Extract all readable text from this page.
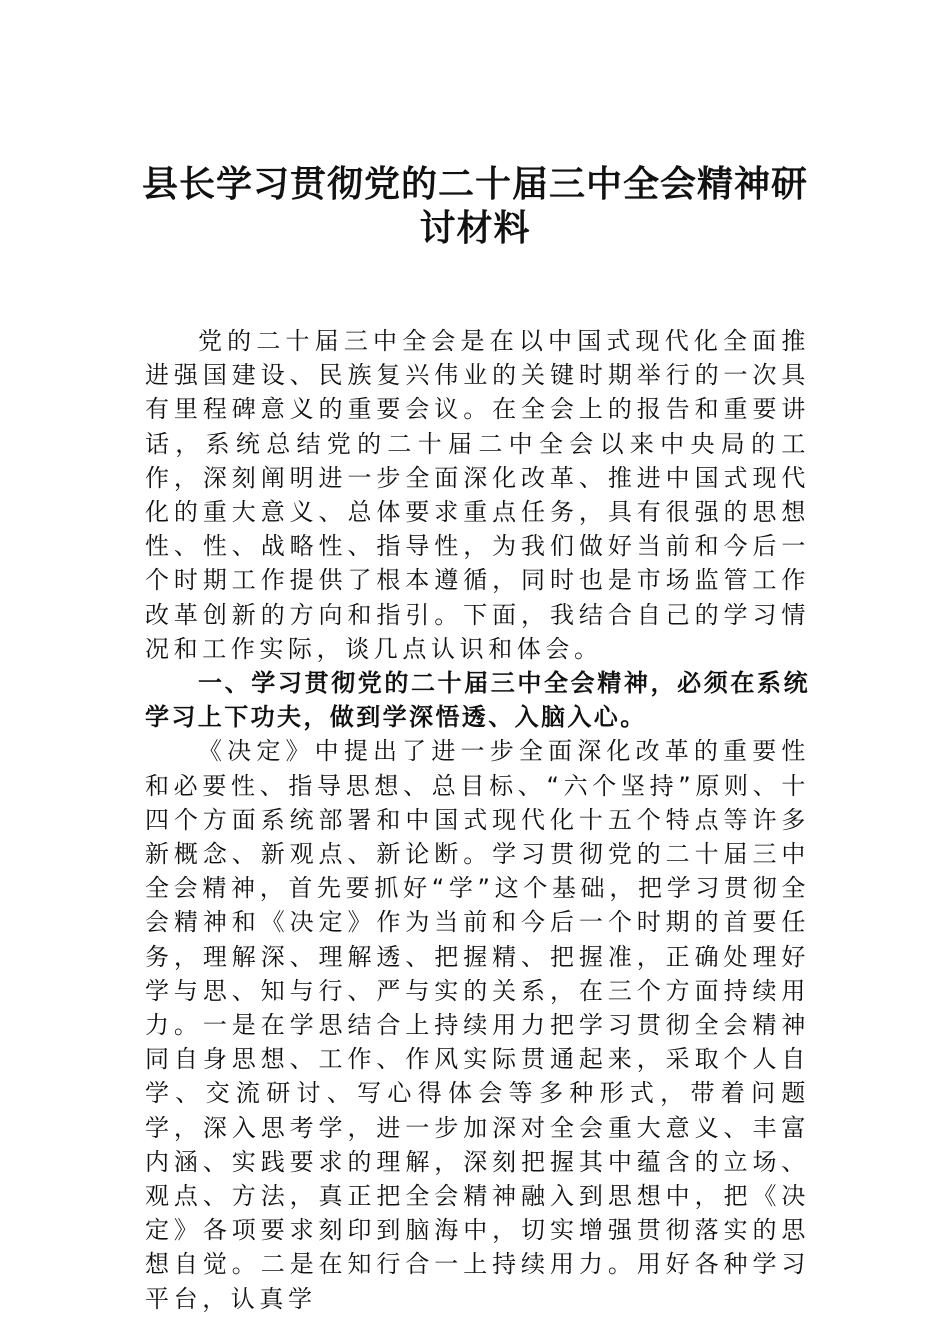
县长学习贯彻党的二十届三中全会精神研
讨材料

党的二十届三中全会是在以中国式现代化全面推进强国建设、民族复兴伟业的关键时期举行的一次具有里程碑意义的重要会议。在全会上的报告和重要讲话，系统总结党的二十届二中全会以来中央局的工作，深刻阐明进一步全面深化改革、推进中国式现代化的重大意义、总体要求重点任务，具有很强的思想性、性、战略性、指导性，为我们做好当前和今后一个时期工作提供了根本遵循，同时也是市场监管工作改革创新的方向和指引。下面，我结合自己的学习情况和工作实际，谈几点认识和体会。

一、学习贯彻党的二十届三中全会精神，必须在系统学习上下功夫，做到学深悟透、入脑入心。

《决定》中提出了进一步全面深化改革的重要性和必要性、指导思想、总目标、“六个坚持”原则、十四个方面系统部署和中国式现代化十五个特点等许多新概念、新观点、新论断。学习贯彻党的二十届三中全会精神，首先要抓好“学”这个基础，把学习贯彻全会精神和《决定》作为当前和今后一个时期的首要任务，理解深、理解透、把握精、把握准，正确处理好学与思、知与行、严与实的关系，在三个方面持续用力。一是在学思结合上持续用力把学习贯彻全会精神同自身思想、工作、作风实际贯通起来，采取个人自学、交流研讨、写心得体会等多种形式，带着问题学，深入思考学，进一步加深对全会重大意义、丰富内涵、实践要求的理解，深刻把握其中蕴含的立场、观点、方法，真正把全会精神融入到思想中，把《决定》各项要求刻印到脑海中，切实增强贯彻落实的思想自觉。二是在知行合一上持续用力。用好各种学习平台，认真学
